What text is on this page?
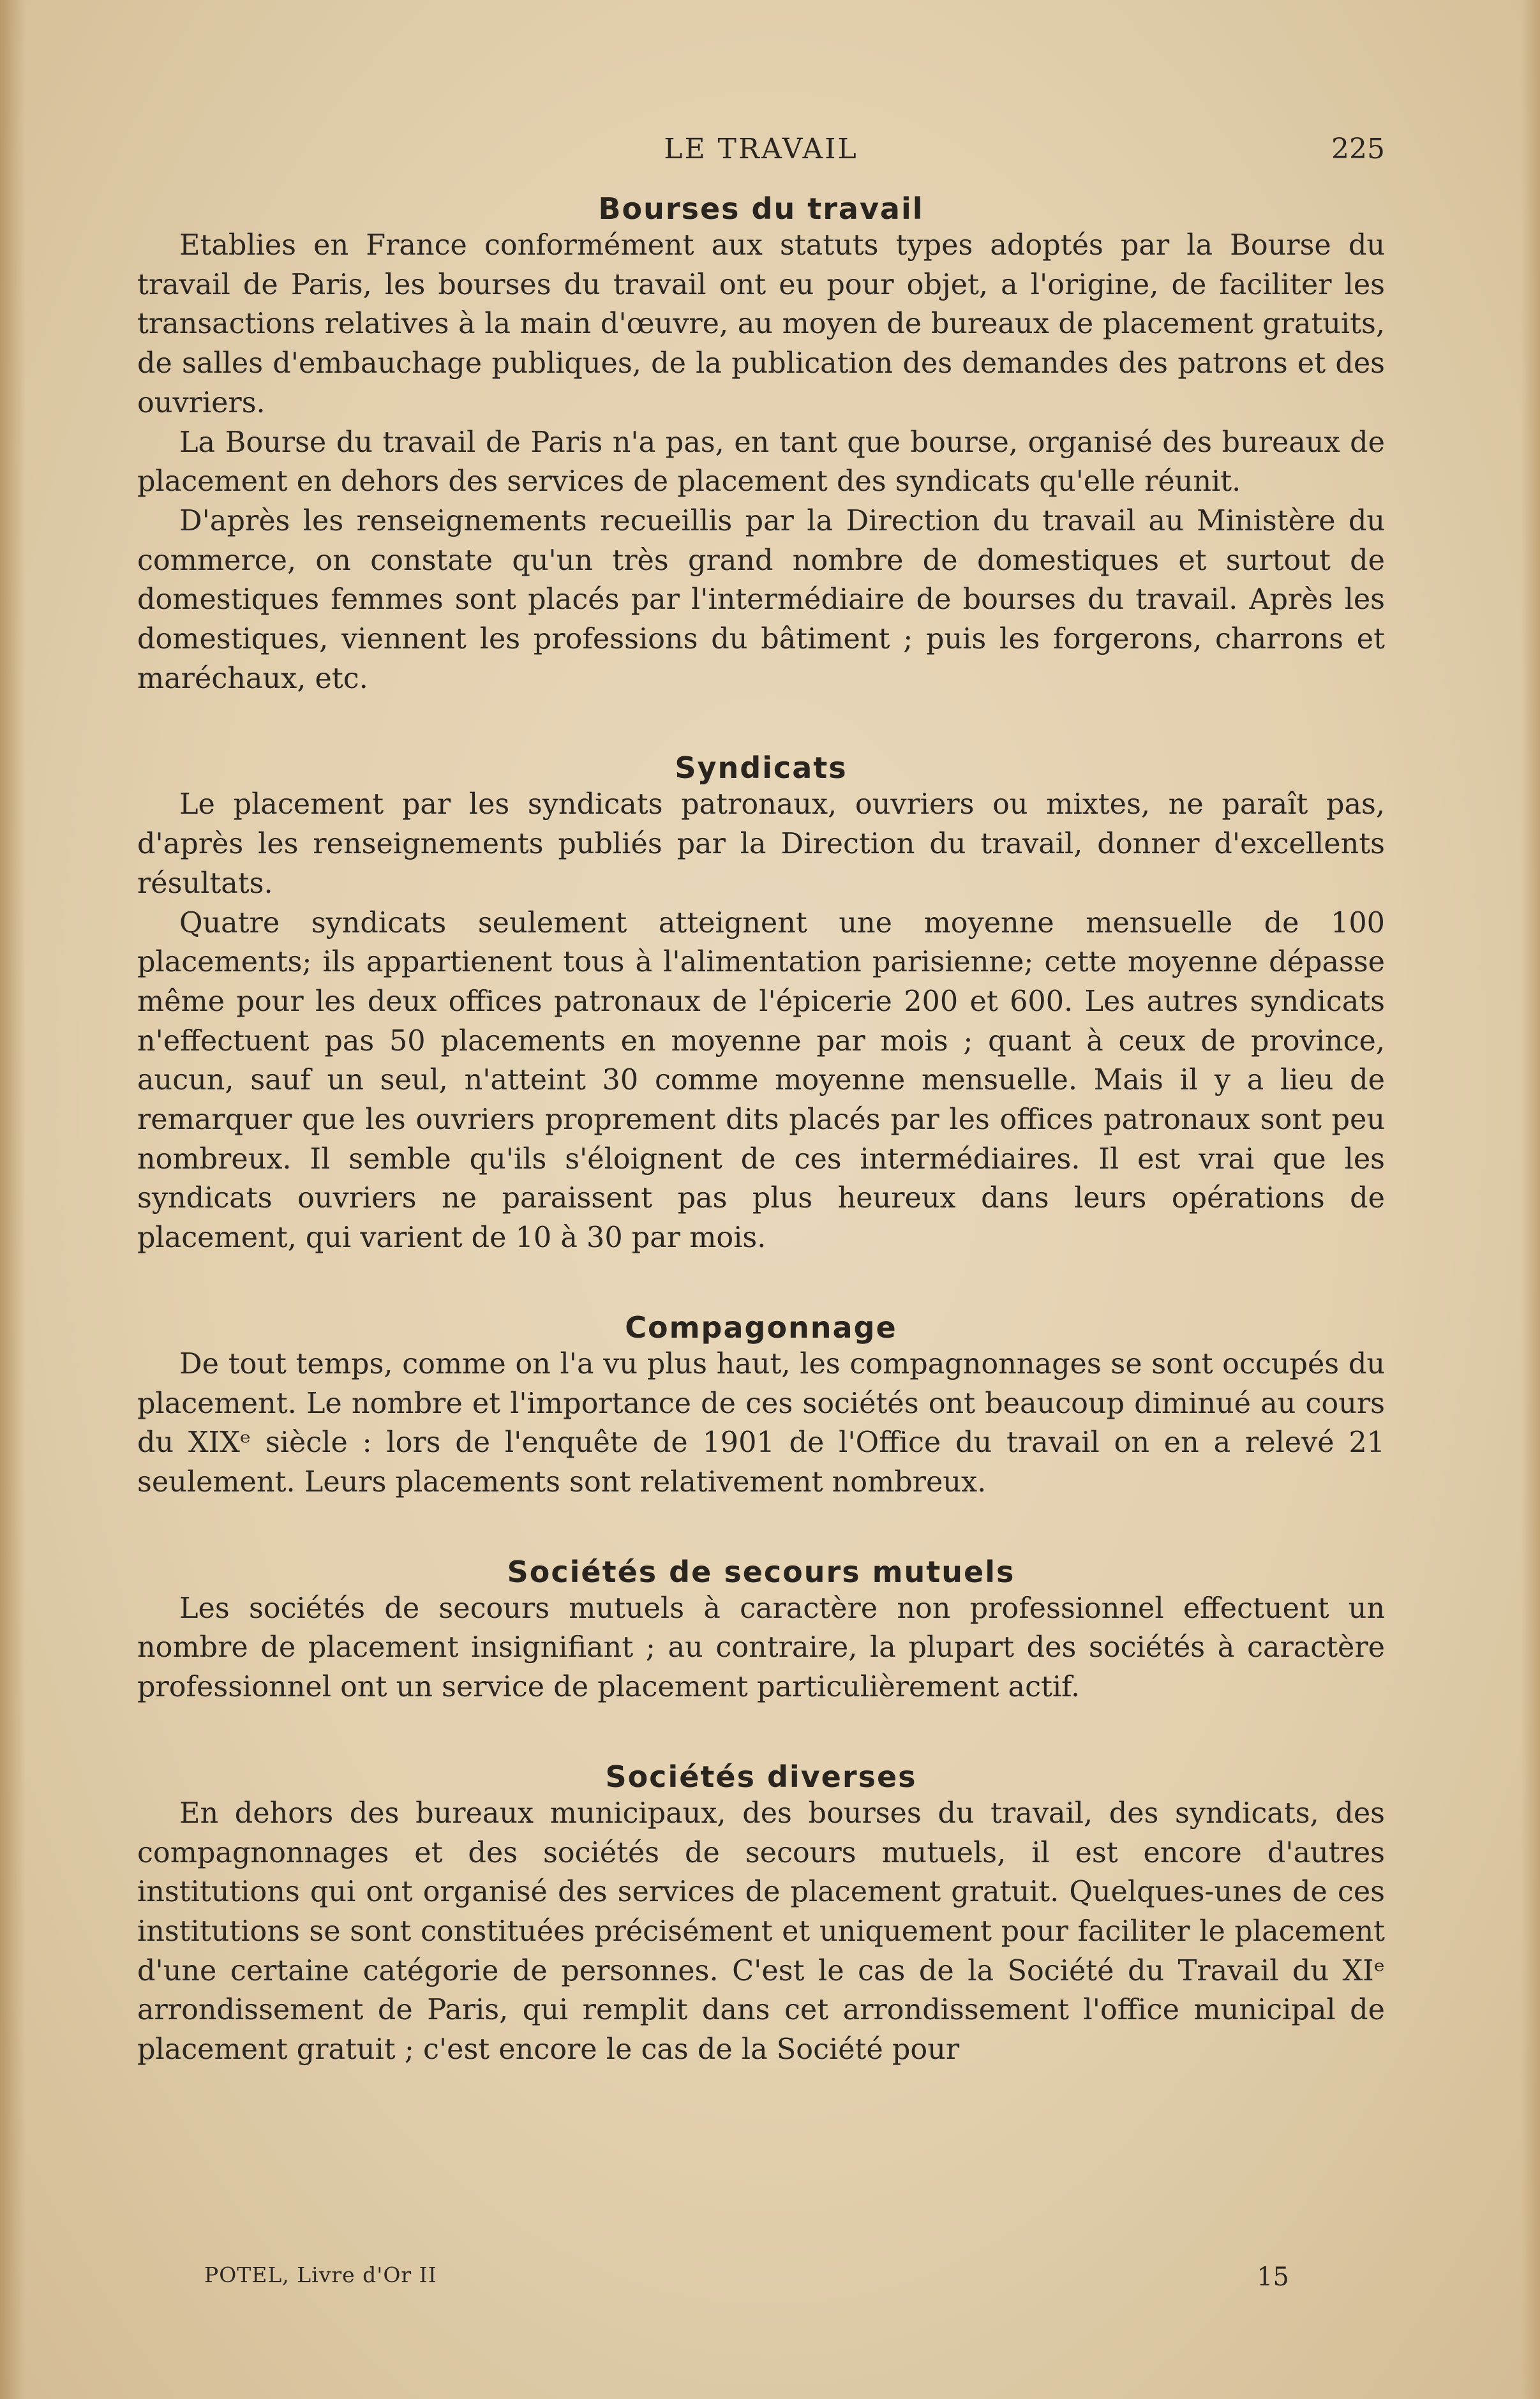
LE TRAVAIL	225
Bourses du travail

Etablies en France conformément aux statuts types adoptés par la Bourse du travail de Paris, les bourses du travail ont eu pour objet, a l'origine, de faciliter les transactions relatives à la main d'œuvre, au moyen de bureaux de placement gratuits, de salles d'embauchage publiques, de la publication des demandes des patrons et des ouvriers.

La Bourse du travail de Paris n'a pas, en tant que bourse, organisé des bureaux de placement en dehors des services de placement des syndicats qu'elle réunit.

D'après les renseignements recueillis par la Direction du travail au Ministère du commerce, on constate qu'un très grand nombre de domestiques et surtout de domestiques femmes sont placés par l'intermédiaire de bourses du travail. Après les domestiques, viennent les professions du bâtiment ; puis les forgerons, charrons et maréchaux, etc.

Syndicats

Le placement par les syndicats patronaux, ouvriers ou mixtes, ne paraît pas, d'après les renseignements publiés par la Direction du travail, donner d'excellents résultats.

Quatre syndicats seulement atteignent une moyenne mensuelle de 100 placements; ils appartienent tous à l'alimentation parisienne; cette moyenne dépasse même pour les deux offices patronaux de l'épicerie 200 et 600. Les autres syndicats n'effectuent pas 50 placements en moyenne par mois ; quant à ceux de province, aucun, sauf un seul, n'atteint 30 comme moyenne mensuelle. Mais il y a lieu de remarquer que les ouvriers proprement dits placés par les offices patronaux sont peu nombreux. Il semble qu'ils s'éloignent de ces intermédiaires. Il est vrai que les syndicats ouvriers ne paraissent pas plus heureux dans leurs opérations de placement, qui varient de 10 à 30 par mois.

Compagonnage

De tout temps, comme on l'a vu plus haut, les compagnonnages se sont occupés du placement. Le nombre et l'importance de ces sociétés ont beaucoup diminué au cours du XIXᵉ siècle : lors de l'enquête de 1901 de l'Office du travail on en a relevé 21 seulement. Leurs placements sont relativement nombreux.

Sociétés de secours mutuels

Les sociétés de secours mutuels à caractère non professionnel effectuent un nombre de placement insignifiant ; au contraire, la plupart des sociétés à caractère professionnel ont un service de placement particulièrement actif.

Sociétés diverses

En dehors des bureaux municipaux, des bourses du travail, des syndicats, des compagnonnages et des sociétés de secours mutuels, il est encore d'autres institutions qui ont organisé des services de placement gratuit. Quelques-unes de ces institutions se sont constituées précisément et uniquement pour faciliter le placement d'une certaine catégorie de personnes. C'est le cas de la Société du Travail du XIᵉ arrondissement de Paris, qui remplit dans cet arrondissement l'office municipal de placement gratuit ; c'est encore le cas de la Société pour

POTEL, Livre d'Or II	15
